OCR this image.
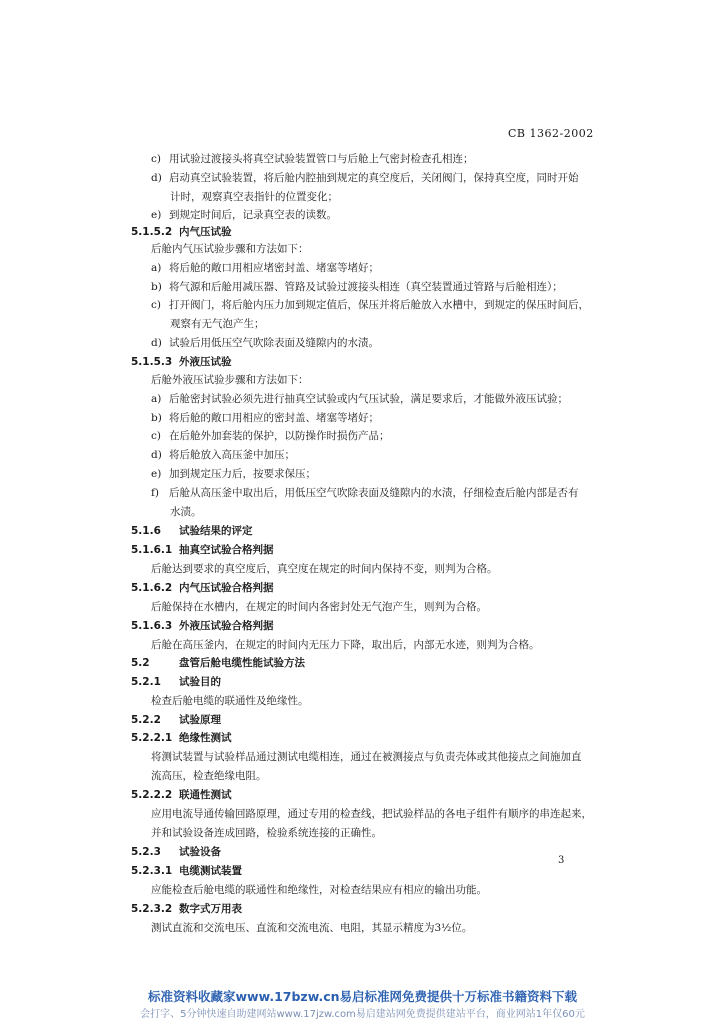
CB 1362-2002
c) 用试验过渡接头将真空试验装置管口与后舱上气密封检查孔相连；
d) 启动真空试验装置，将后舱内腔抽到规定的真空度后，关闭阀门，保持真空度，同时开始
计时，观察真空表指针的位置变化；
e) 到规定时间后，记录真空表的读数。
5.1.5.2 内气压试验
后舱内气压试验步骤和方法如下：
a) 将后舱的敞口用相应堵密封盖、堵塞等堵好；
b) 将气源和后舱用减压器、管路及试验过渡接头相连（真空装置通过管路与后舱相连）；
c) 打开阀门，将后舱内压力加到规定值后，保压并将后舱放入水槽中，到规定的保压时间后，
观察有无气泡产生；
d) 试验后用低压空气吹除表面及缝隙内的水渍。
5.1.5.3 外液压试验
后舱外液压试验步骤和方法如下：
a) 后舱密封试验必须先进行抽真空试验或内气压试验，满足要求后，才能做外液压试验；
b) 将后舱的敞口用相应的密封盖、堵塞等堵好；
c) 在后舱外加套装的保护，以防操作时损伤产品；
d) 将后舱放入高压釜中加压；
e) 加到规定压力后，按要求保压；
f) 后舱从高压釜中取出后，用低压空气吹除表面及缝隙内的水渍，仔细检查后舱内部是否有
水渍。
5.1.6 试验结果的评定
5.1.6.1 抽真空试验合格判据
后舱达到要求的真空度后，真空度在规定的时间内保持不变，则判为合格。
5.1.6.2 内气压试验合格判据
后舱保持在水槽内，在规定的时间内各密封处无气泡产生，则判为合格。
5.1.6.3 外液压试验合格判据
后舱在高压釜内，在规定的时间内无压力下降，取出后，内部无水迹，则判为合格。
5.2	盘管后舱电缆性能试验方法
5.2.1 试验目的
检查后舱电缆的联通性及绝缘性。
5.2.2 试验原理
5.2.2.1 绝缘性测试
将测试装置与试验样品通过测试电缆相连，通过在被测接点与负责壳体或其他接点之间施加直
流高压，检查绝缘电阻。
5.2.2.2 联通性测试
应用电流导通传输回路原理，通过专用的检查线，把试验样品的各电子组件有顺序的串连起来，
并和试验设备连成回路，检验系统连接的正确性。
5.2.3 试验设备
5.2.3.1 电缆测试装置
应能检查后舱电缆的联通性和绝缘性，对检查结果应有相应的输出功能。
5.2.3.2 数字式万用表
测试直流和交流电压、直流和交流电流、电阻，其显示精度为3½位。
3
标准资料收藏家www.17bzw.cn易启标准网免费提供十万标准书籍资料下载
会打字、5分钟快速自助建网站www.17jzw.com易启建站网免费提供建站平台，商业网站1年仅60元
